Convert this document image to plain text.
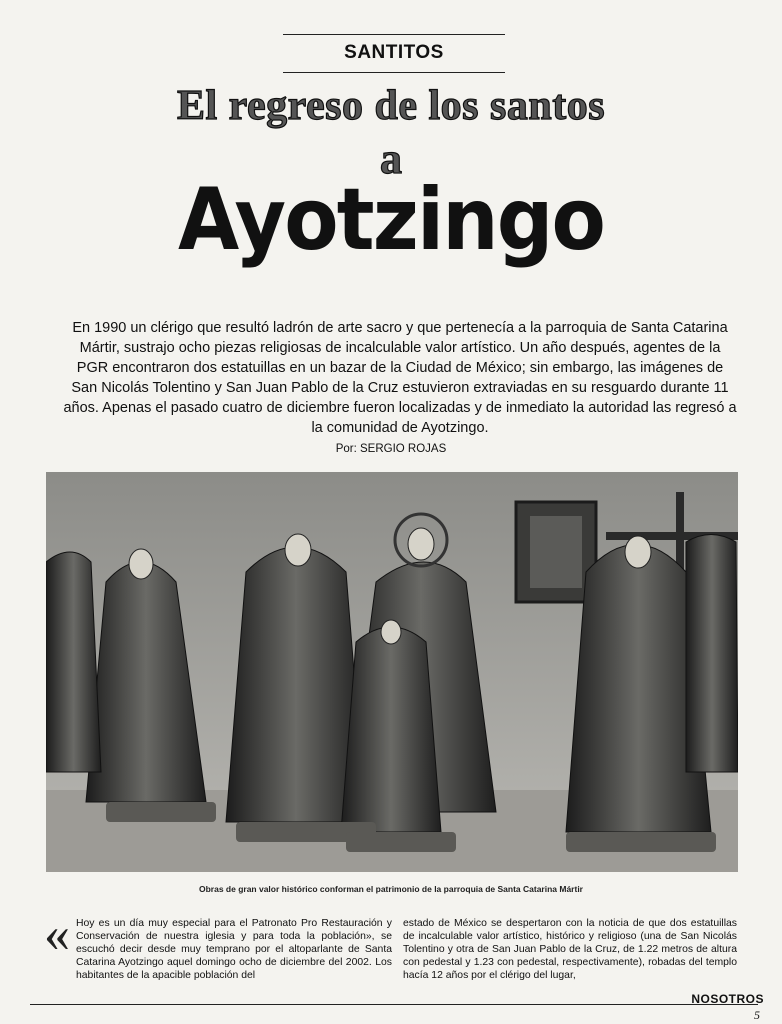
SANTITOS
El regreso de los santos
a
Ayotzingo
En 1990 un clérigo que resultó ladrón de arte sacro y que pertenecía a la parroquia de Santa Catarina Mártir, sustrajo ocho piezas religiosas de incalculable valor artístico. Un año después, agentes de la PGR encontraron dos estatuillas en un bazar de la Ciudad de México; sin embargo, las imágenes de San Nicolás Tolentino y San Juan Pablo de la Cruz estuvieron extraviadas en su resguardo durante 11 años. Apenas el pasado cuatro de diciembre fueron localizadas y de inmediato la autoridad las regresó a la comunidad de Ayotzingo.
Por: SERGIO ROJAS
Obras de gran valor histórico conforman el patrimonio de la parroquia de Santa Catarina Mártir
« Hoy es un día muy especial para el Patronato Pro Restauración y Conservación de nuestra iglesia y para toda la población», se escuchó decir desde muy temprano por el altoparlante de Santa Catarina Ayotzingo aquel domingo ocho de diciembre del 2002. Los habitantes de la apacible población del
estado de México se despertaron con la noticia de que dos estatuillas de incalculable valor artístico, histórico y religioso (una de San Nicolás Tolentino y otra de San Juan Pablo de la Cruz, de 1.22 metros de altura con pedestal y 1.23 con pedestal, respectivamente), robadas del templo hacía 12 años por el clérigo del lugar,
NOSOTROS
5
